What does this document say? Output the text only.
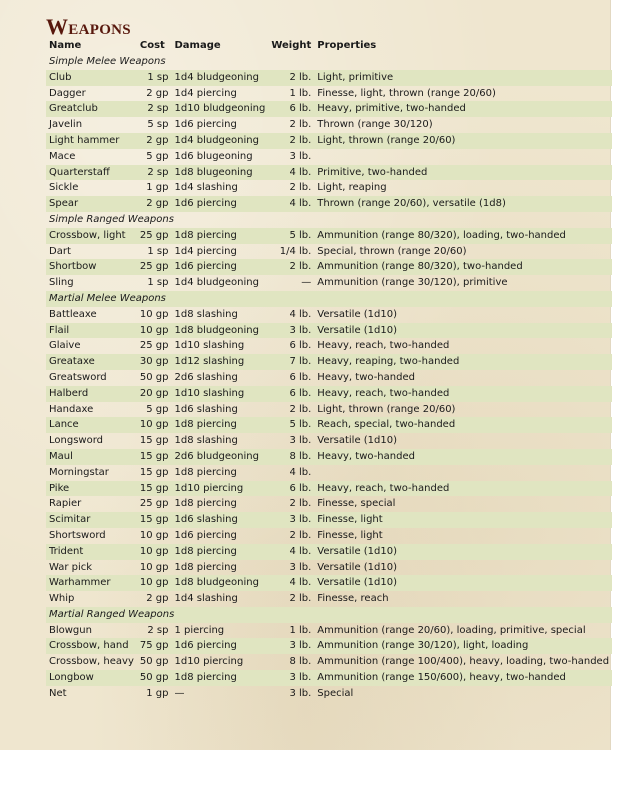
Weapons
Name	Cost	Damage	Weight	Properties
Simple Melee Weapons				
Club	1 sp	1d4 bludgeoning	2 lb.	Light, primitive
Dagger	2 gp	1d4 piercing	1 lb.	Finesse, light, thrown (range 20/60)
Greatclub	2 sp	1d10 bludgeoning	6 lb.	Heavy, primitive, two-handed
Javelin	5 sp	1d6 piercing	2 lb.	Thrown (range 30/120)
Light hammer	2 gp	1d4 bludgeoning	2 lb.	Light, thrown (range 20/60)
Mace	5 gp	1d6 blugeoning	3 lb.	
Quarterstaff	2 sp	1d8 blugeoning	4 lb.	Primitive, two-handed
Sickle	1 gp	1d4 slashing	2 lb.	Light, reaping
Spear	2 gp	1d6 piercing	4 lb.	Thrown (range 20/60), versatile (1d8)
Simple Ranged Weapons				
Crossbow, light	25 gp	1d8 piercing	5 lb.	Ammunition (range 80/320), loading, two-handed
Dart	1 sp	1d4 piercing	1/4 lb.	Special, thrown (range 20/60)
Shortbow	25 gp	1d6 piercing	2 lb.	Ammunition (range 80/320), two-handed
Sling	1 sp	1d4 bludgeoning	—	Ammunition (range 30/120), primitive
Martial Melee Weapons				
Battleaxe	10 gp	1d8 slashing	4 lb.	Versatile (1d10)
Flail	10 gp	1d8 bludgeoning	3 lb.	Versatile (1d10)
Glaive	25 gp	1d10 slashing	6 lb.	Heavy, reach, two-handed
Greataxe	30 gp	1d12 slashing	7 lb.	Heavy, reaping, two-handed
Greatsword	50 gp	2d6 slashing	6 lb.	Heavy, two-handed
Halberd	20 gp	1d10 slashing	6 lb.	Heavy, reach, two-handed
Handaxe	5 gp	1d6 slashing	2 lb.	Light, thrown (range 20/60)
Lance	10 gp	1d8 piercing	5 lb.	Reach, special, two-handed
Longsword	15 gp	1d8 slashing	3 lb.	Versatile (1d10)
Maul	15 gp	2d6 bludgeoning	8 lb.	Heavy, two-handed
Morningstar	15 gp	1d8 piercing	4 lb.	
Pike	15 gp	1d10 piercing	6 lb.	Heavy, reach, two-handed
Rapier	25 gp	1d8 piercing	2 lb.	Finesse, special
Scimitar	15 gp	1d6 slashing	3 lb.	Finesse, light
Shortsword	10 gp	1d6 piercing	2 lb.	Finesse, light
Trident	10 gp	1d8 piercing	4 lb.	Versatile (1d10)
War pick	10 gp	1d8 piercing	3 lb.	Versatile (1d10)
Warhammer	10 gp	1d8 bludgeoning	4 lb.	Versatile (1d10)
Whip	2 gp	1d4 slashing	2 lb.	Finesse, reach
Martial Ranged Weapons				
Blowgun	2 sp	1 piercing	1 lb.	Ammunition (range 20/60), loading, primitive, special
Crossbow, hand	75 gp	1d6 piercing	3 lb.	Ammunition (range 30/120), light, loading
Crossbow, heavy	50 gp	1d10 piercing	8 lb.	Ammunition (range 100/400), heavy, loading, two-handed
Longbow	50 gp	1d8 piercing	3 lb.	Ammunition (range 150/600), heavy, two-handed
Net	1 gp	—	3 lb.	Special
